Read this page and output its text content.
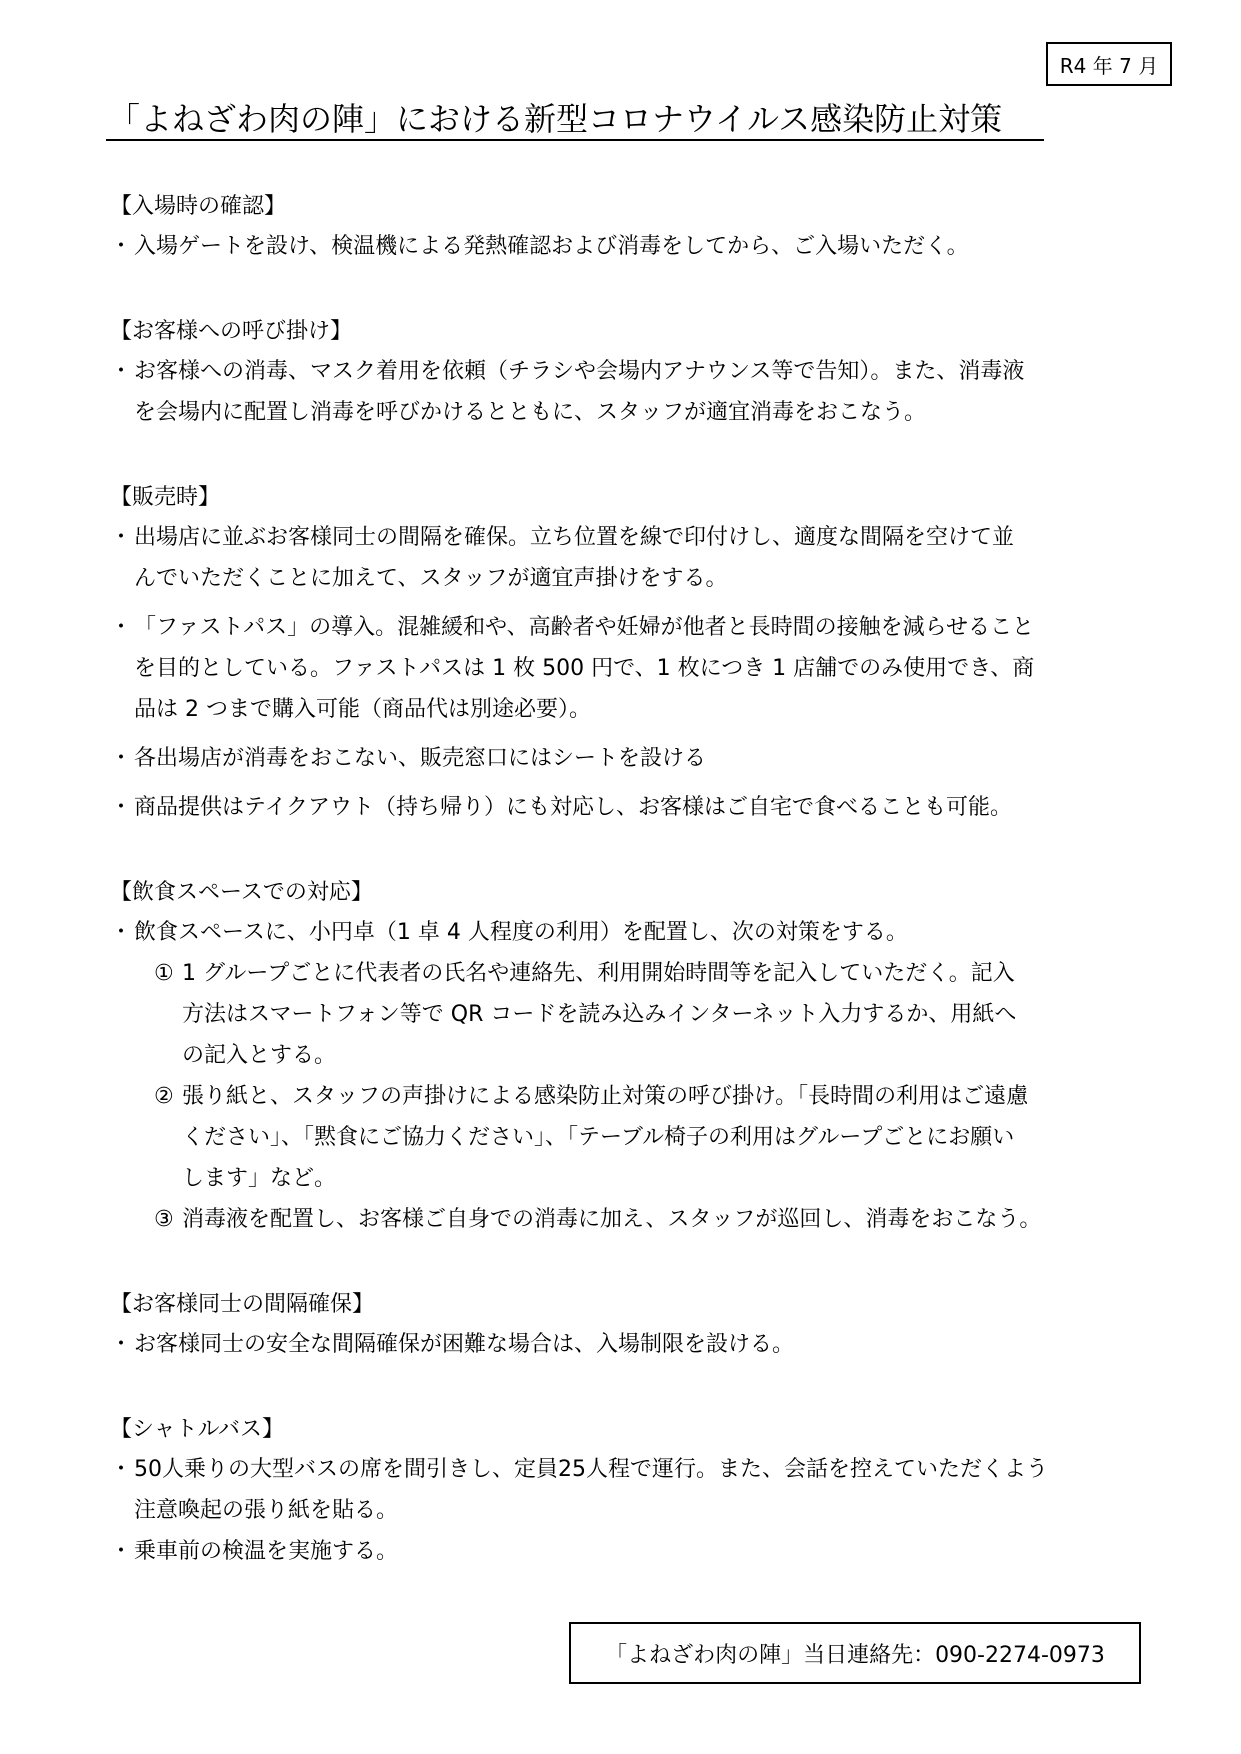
R4 年 7 月
「よねざわ肉の陣」における新型コロナウイルス感染防止対策
【入場時の確認】
・ 入場ゲートを設け、検温機による発熱確認および消毒をしてから、ご入場いただく。
【お客様への呼び掛け】
・ お客様への消毒、マスク着用を依頼（チラシや会場内アナウンス等で告知）。また、消毒液
を会場内に配置し消毒を呼びかけるとともに、スタッフが適宜消毒をおこなう。
【販売時】
・ 出場店に並ぶお客様同士の間隔を確保。立ち位置を線で印付けし、適度な間隔を空けて並
んでいただくことに加えて、スタッフが適宜声掛けをする。
・ 「ファストパス」の導入。混雑緩和や、高齢者や妊婦が他者と長時間の接触を減らせること
を目的としている。ファストパスは 1 枚 500 円で、1 枚につき 1 店舗でのみ使用でき、商
品は 2 つまで購入可能（商品代は別途必要）。
・ 各出場店が消毒をおこない、販売窓口にはシートを設ける
・ 商品提供はテイクアウト（持ち帰り）にも対応し、お客様はご自宅で食べることも可能。
【飲食スペースでの対応】
・ 飲食スペースに、小円卓（1 卓 4 人程度の利用）を配置し、次の対策をする。
① 1 グループごとに代表者の氏名や連絡先、利用開始時間等を記入していただく。記入
方法はスマートフォン等で QR コードを読み込みインターネット入力するか、用紙へ
の記入とする。
② 張り紙と、スタッフの声掛けによる感染防止対策の呼び掛け。「長時間の利用はご遠慮
ください」、「黙食にご協力ください」、「テーブル椅子の利用はグループごとにお願い
します」など。
③ 消毒液を配置し、お客様ご自身での消毒に加え、スタッフが巡回し、消毒をおこなう。
【お客様同士の間隔確保】
・ お客様同士の安全な間隔確保が困難な場合は、入場制限を設ける。
【シャトルバス】
・ 50人乗りの大型バスの席を間引きし、定員25人程で運行。また、会話を控えていただくよう
注意喚起の張り紙を貼る。
・ 乗車前の検温を実施する。
「よねざわ肉の陣」当日連絡先：090-2274-0973
